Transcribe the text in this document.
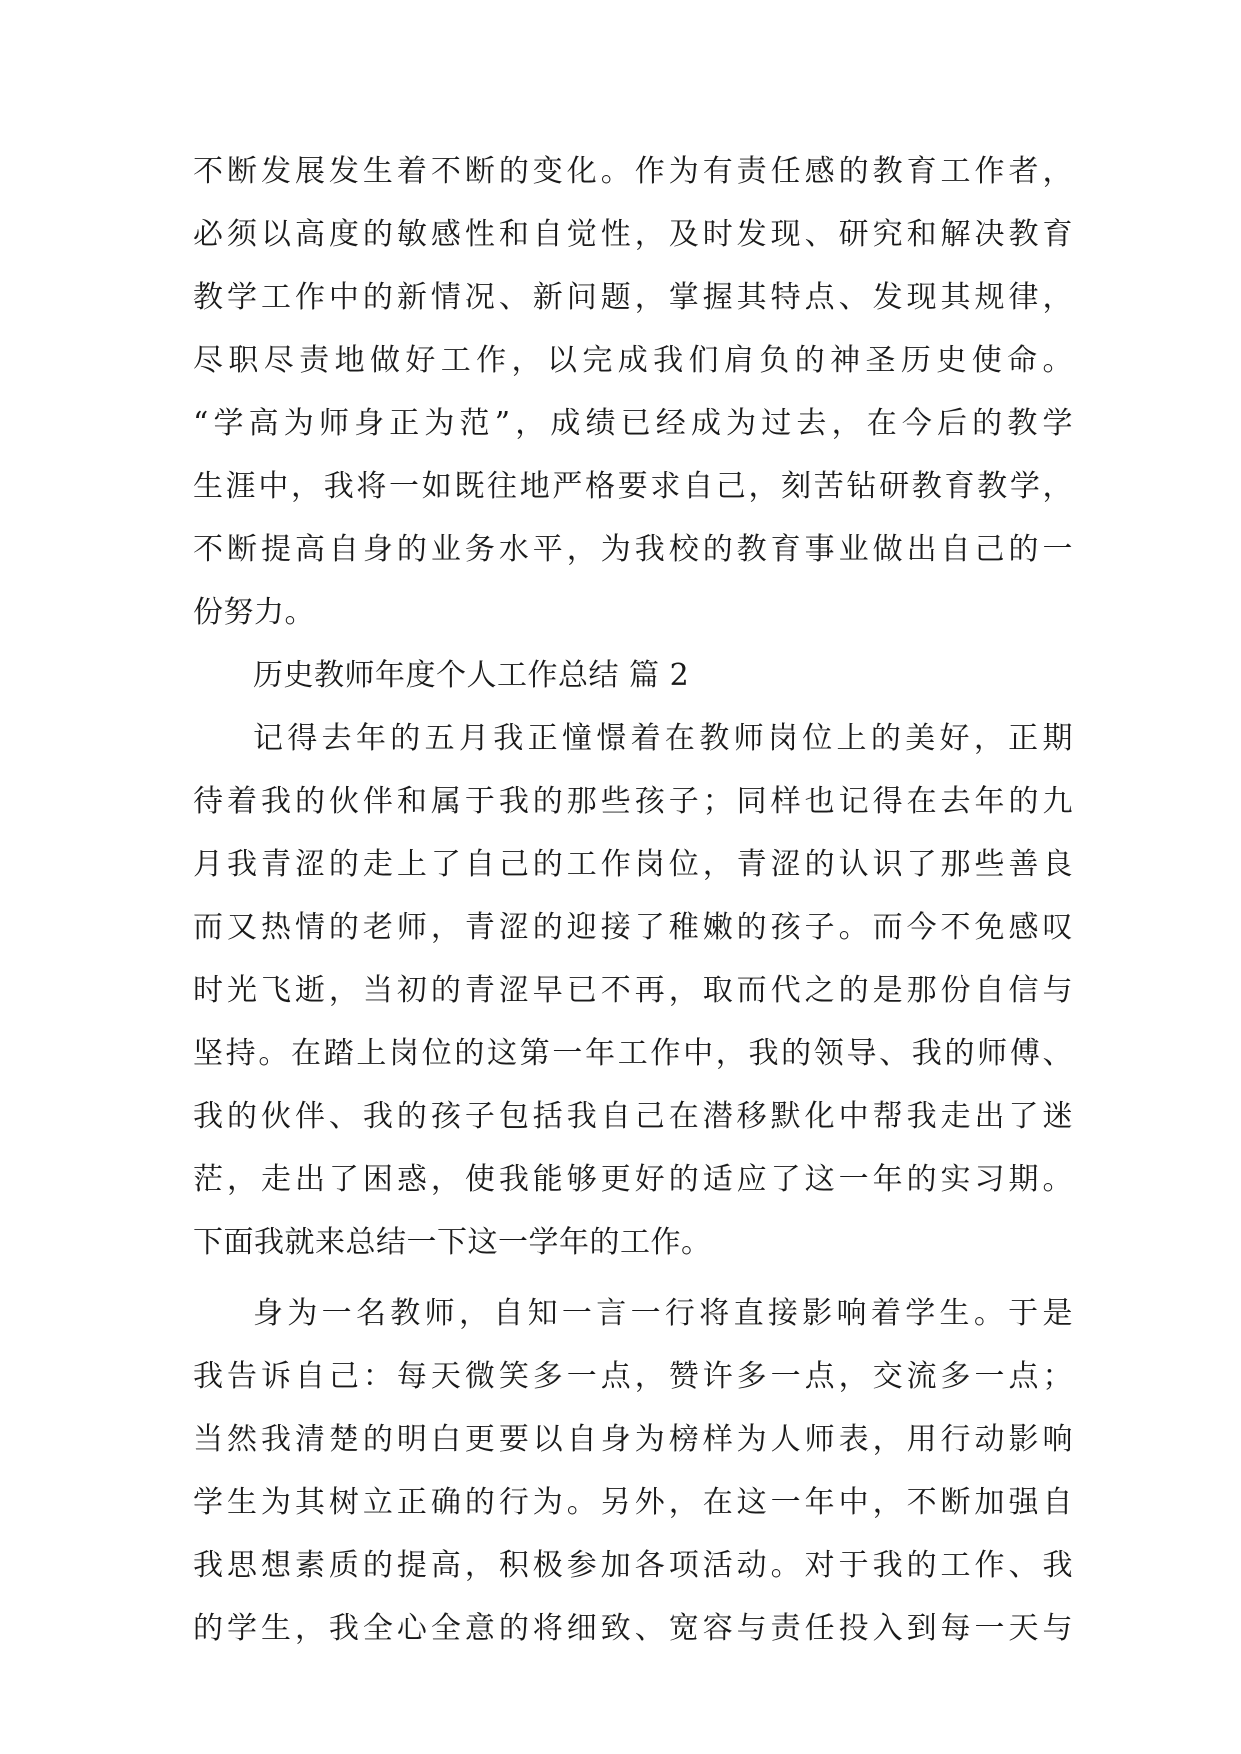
不断发展发生着不断的变化。作为有责任感的教育工作者，
必须以高度的敏感性和自觉性，及时发现、研究和解决教育
教学工作中的新情况、新问题，掌握其特点、发现其规律，
尽职尽责地做好工作，以完成我们肩负的神圣历史使命。
“学高为师身正为范”，成绩已经成为过去，在今后的教学
生涯中，我将一如既往地严格要求自己，刻苦钻研教育教学，
不断提高自身的业务水平，为我校的教育事业做出自己的一
份努力。
历史教师年度个人工作总结 篇 2
记得去年的五月我正憧憬着在教师岗位上的美好，正期
待着我的伙伴和属于我的那些孩子；同样也记得在去年的九
月我青涩的走上了自己的工作岗位，青涩的认识了那些善良
而又热情的老师，青涩的迎接了稚嫩的孩子。而今不免感叹
时光飞逝，当初的青涩早已不再，取而代之的是那份自信与
坚持。在踏上岗位的这第一年工作中，我的领导、我的师傅、
我的伙伴、我的孩子包括我自己在潜移默化中帮我走出了迷
茫，走出了困惑，使我能够更好的适应了这一年的实习期。
下面我就来总结一下这一学年的工作。
身为一名教师，自知一言一行将直接影响着学生。于是
我告诉自己：每天微笑多一点，赞许多一点，交流多一点；
当然我清楚的明白更要以自身为榜样为人师表，用行动影响
学生为其树立正确的行为。另外，在这一年中，不断加强自
我思想素质的提高，积极参加各项活动。对于我的工作、我
的学生，我全心全意的将细致、宽容与责任投入到每一天与
